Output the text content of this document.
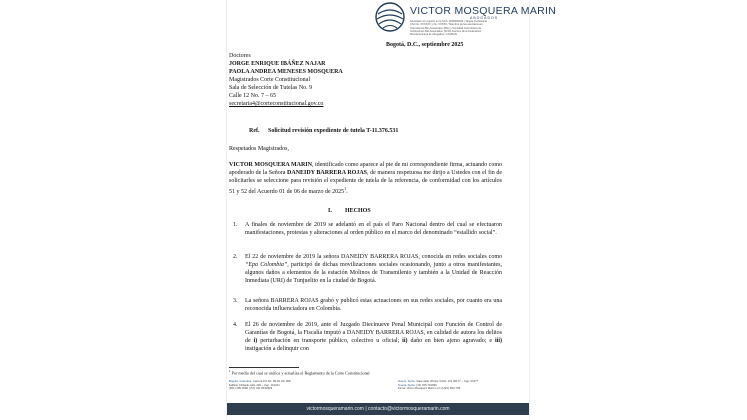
VICTOR MOSQUERA MARIN
ABOGADOS
Sociedad con registro en la SCA: 0000000022 / Tarjeta Profesional
CSJ No. XXXXXX y No. XXXXX / Miembro de las asociaciones
International Bar Association (IBA) y Sociedad Colombiana de
Instituciones Bar Association (INTA) Asuntos de la Federación
Iberoamericana de Abogados / COLBAN
Bogotá, D.C., septiembre 2025
Doctores
JORGE ENRIQUE IBÁÑEZ NAJAR
PAOLA ANDREA MENESES MOSQUERA
Magistrados Corte Constitucional
Sala de Selección de Tutelas No. 9
Calle 12 No. 7 – 65
secretaria4@corteconstitucional.gov.co
Ref. Solicitud revisión expediente de tutela T-11.376.531
Respetados Magistrados,
VICTOR MOSQUERA MARIN, identificado como aparece al pie de mi correspondiente firma, actuando como apoderado de la Señora DANEIDY BARRERA ROJAS, de manera respetuosa me dirijo a Ustedes con el fin de solicitarles se seleccione para revisión el expediente de tutela de la referencia, de conformidad con los artículos 51 y 52 del Acuerdo 01 de 06 de marzo de 2025$^1$.
I. HECHOS
1. A finales de noviembre de 2019 se adelantó en el país el Paro Nacional dentro del cual se efectuaron manifestaciones, protestas y alteraciones al orden público en el marco del denominado “estallido social”.
2. El 22 de noviembre de 2019 la señora DANEIDY BARRERA ROJAS, conocida en redes sociales como “Epa Colombia”, participó de dichas movilizaciones sociales ocasionando, junto a otros manifestantes, algunos daños a elementos de la estación Molinos de Transmilenio y también a la Unidad de Reacción Inmediata (URI) de Tunjuelito en la ciudad de Bogotá.
3. La señora BARRERA ROJAS grabó y publicó estas actuaciones en sus redes sociales, por cuanto era una reconocida influenciadora en Colombia.
4. El 26 de noviembre de 2019, ante el Juzgado Diecinueve Penal Municipal con Función de Control de Garantías de Bogotá, la Fiscalía imputó a DANEIDY BARRERA ROJAS, en calidad de autora los delitos de i) perturbación en transporte público, colectivo u oficial; ii) daño en bien ajeno agravado; e iii) instigación a delinquir con
$^1$ Por medio del cual se unifica y actualiza el Reglamento de la Corte Constitucional
Bogotá, Colombia: Carrera 9 # No. 99-02 OF. 908
Edificio Citibank calle 100 – Cep: 110221
(601) 309 0592 | (57) 311 8430329
Nueva, Suiza: Viale delle Vittorie Vcilia, 131 00177 – Cep: 00177
Nueva, Suiza: (41) 225 710669
Firma: Victor Mosquera Marin LLC (USA) 693-735
victormosqueramarin.com | contacto@victormosqueramarin.com
